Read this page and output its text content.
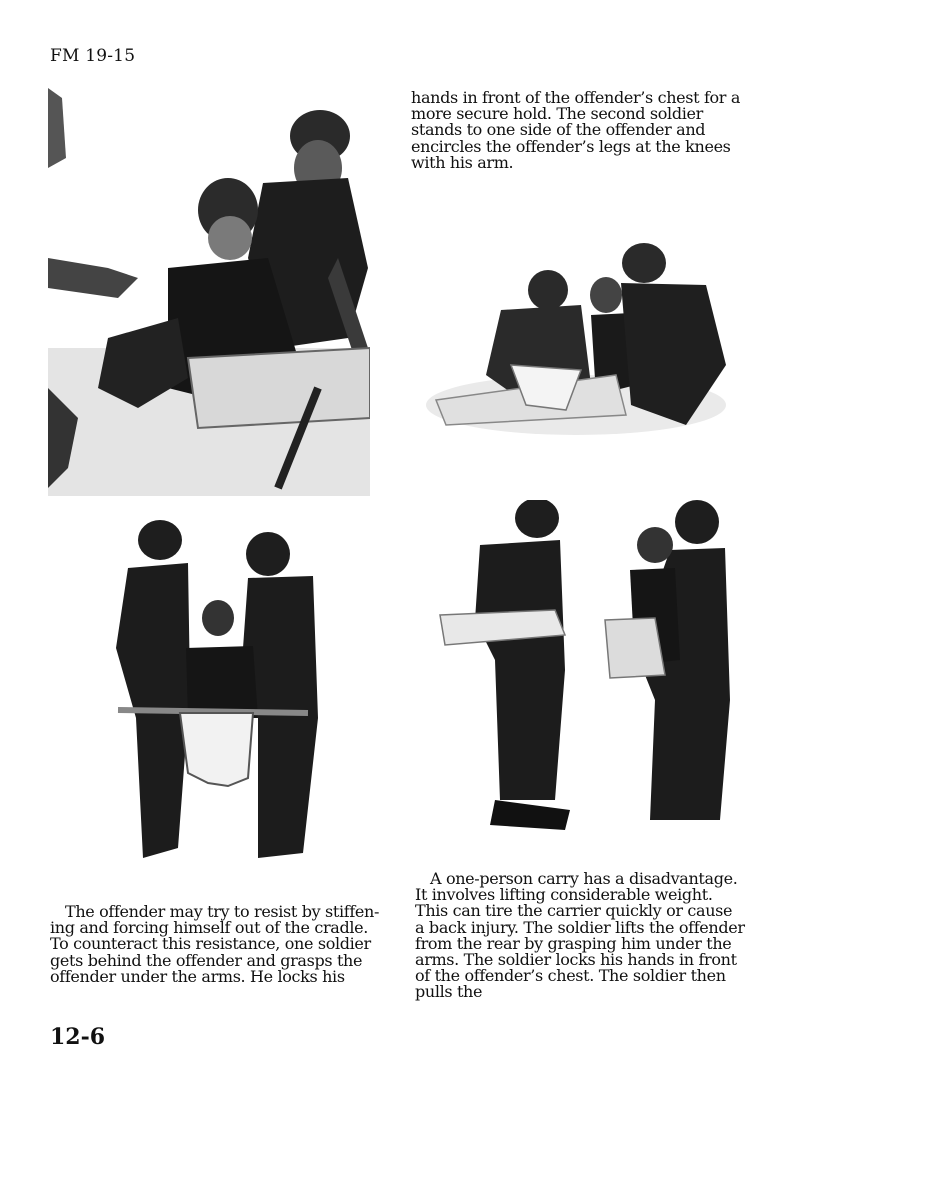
FM 19-15

hands in front of the offender’s chest for a more secure hold. The second soldier stands to one side of the offender and encircles the offender’s legs at the knees with his arm.

A one-person carry has a disadvantage. It involves lifting considerable weight. This can tire the carrier quickly or cause a back injury. The soldier lifts the offender from the rear by grasping him under the arms. The soldier locks his hands in front of the offender’s chest. The soldier then pulls the

The offender may try to resist by stiffen-ing and forcing himself out of the cradle. To counteract this resistance, one soldier gets behind the offender and grasps the offender under the arms. He locks his

12-6
